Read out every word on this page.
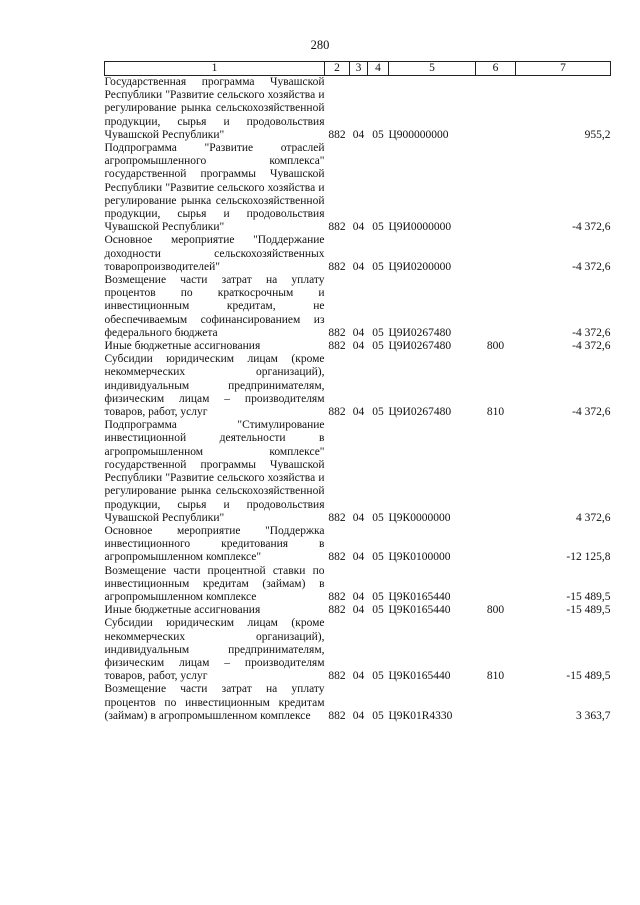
280
1	2	3	4	5	6	7
Государственная программа Чувашской Республики "Развитие сельского хозяйства и регулирование рынка сельскохозяйственной продукции, сырья и продовольствия Чувашской Республики"	882	04	05	Ц900000000		955,2
Подпрограмма "Развитие отраслей агропромышленного комплекса" государственной программы Чувашской Республики "Развитие сельского хозяйства и регулирование рынка сельскохозяйственной продукции, сырья и продовольствия Чувашской Республики"	882	04	05	Ц9И0000000		-4 372,6
Основное мероприятие "Поддержание доходности сельскохозяйственных товаропроизводителей"	882	04	05	Ц9И0200000		-4 372,6
Возмещение части затрат на уплату процентов по краткосрочным и инвестиционным кредитам, не обеспечиваемым софинансированием из федерального бюджета	882	04	05	Ц9И0267480		-4 372,6
Иные бюджетные ассигнования	882	04	05	Ц9И0267480	800	-4 372,6
Субсидии юридическим лицам (кроме некоммерческих организаций), индивидуальным предпринимателям, физическим лицам – производителям товаров, работ, услуг	882	04	05	Ц9И0267480	810	-4 372,6
Подпрограмма "Стимулирование инвестиционной деятельности в агропромышленном комплексе" государственной программы Чувашской Республики "Развитие сельского хозяйства и регулирование рынка сельскохозяйственной продукции, сырья и продовольствия Чувашской Республики"	882	04	05	Ц9К0000000		4 372,6
Основное мероприятие "Поддержка инвестиционного кредитования в агропромышленном комплексе"	882	04	05	Ц9К0100000		-12 125,8
Возмещение части процентной ставки по инвестиционным кредитам (займам) в агропромышленном комплексе	882	04	05	Ц9К0165440		-15 489,5
Иные бюджетные ассигнования	882	04	05	Ц9К0165440	800	-15 489,5
Субсидии юридическим лицам (кроме некоммерческих организаций), индивидуальным предпринимателям, физическим лицам – производителям товаров, работ, услуг	882	04	05	Ц9К0165440	810	-15 489,5
Возмещение части затрат на уплату процентов по инвестиционным кредитам (займам) в агропромышленном комплексе	882	04	05	Ц9К01R4330		3 363,7
